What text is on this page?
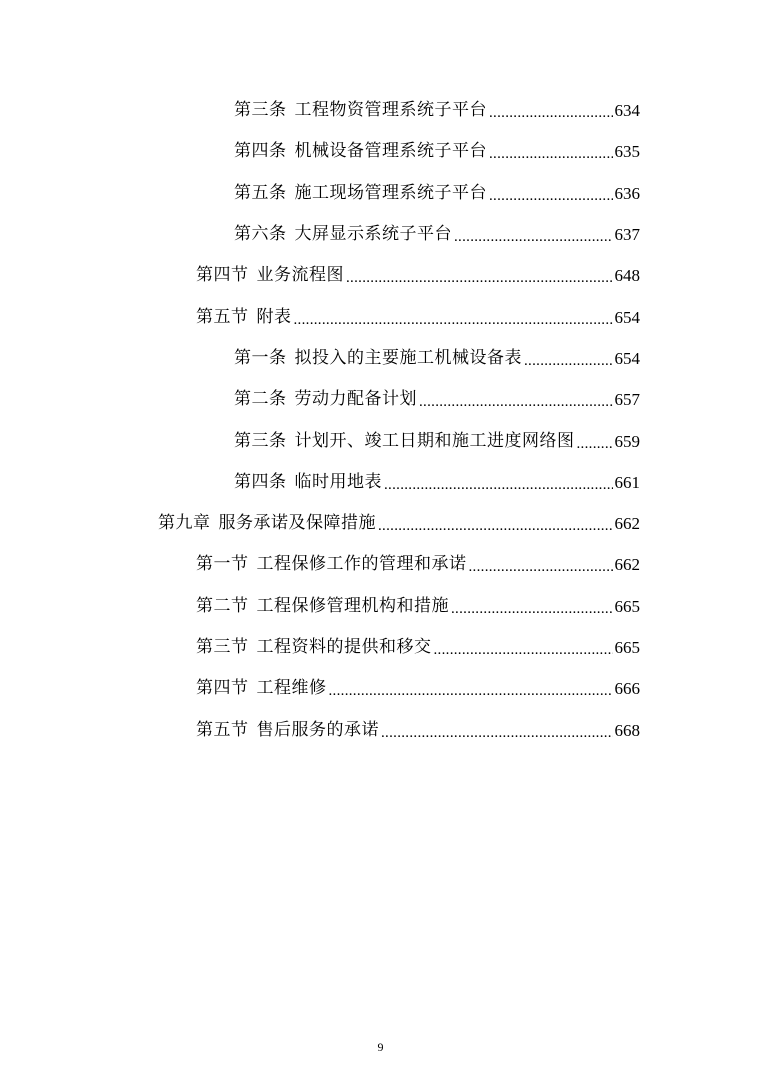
第三条 工程物资管理系统子平台 .....	634
第四条 机械设备管理系统子平台 .....	635
第五条 施工现场管理系统子平台 .....	636
第六条 大屏显示系统子平台 .....	637
第四节 业务流程图 .....	648
第五节 附表 .....	654
第一条 拟投入的主要施工机械设备表 .....	654
第二条 劳动力配备计划 .....	657
第三条 计划开、竣工日期和施工进度网络图 ..... 659
第四条 临时用地表 .....	661
第九章 服务承诺及保障措施 .....	662
第一节 工程保修工作的管理和承诺 .....	662
第二节 工程保修管理机构和措施 .....	665
第三节 工程资料的提供和移交 .....	665
第四节 工程维修 .....	666
第五节 售后服务的承诺 .....	668
9
